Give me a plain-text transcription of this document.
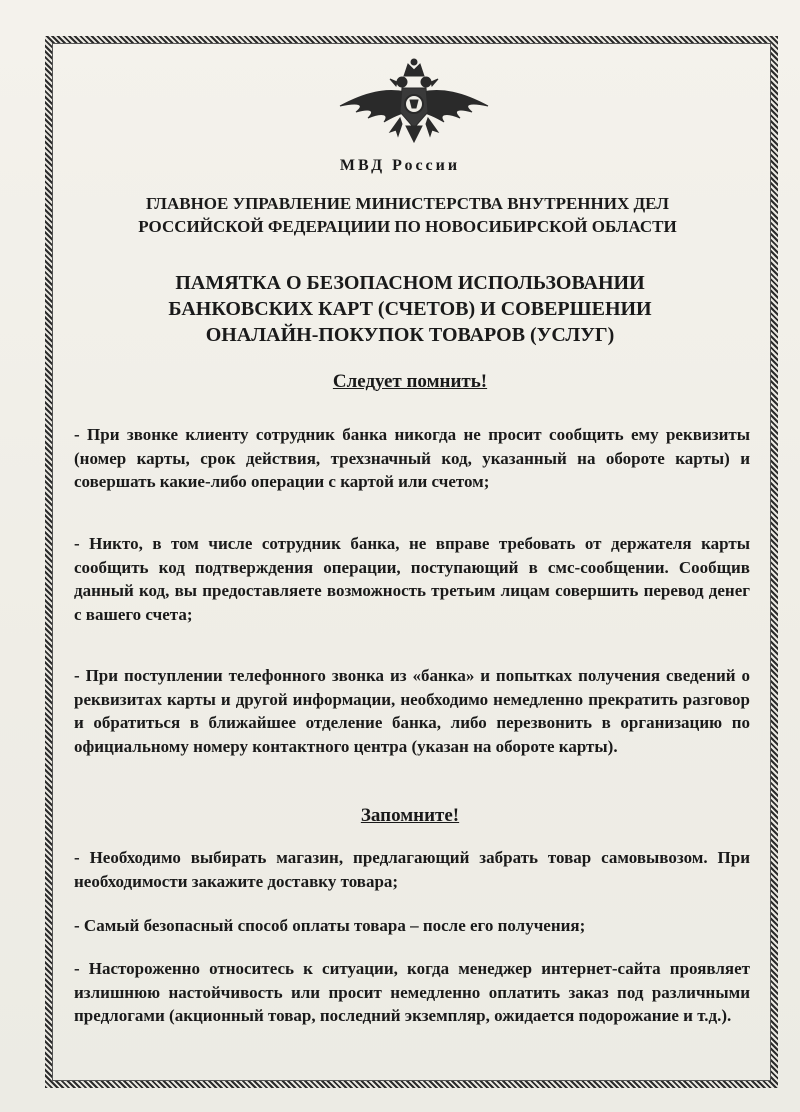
МВД России
ГЛАВНОЕ УПРАВЛЕНИЕ МИНИСТЕРСТВА ВНУТРЕННИХ ДЕЛ РОССИЙСКОЙ ФЕДЕРАЦИИИ ПО НОВОСИБИРСКОЙ ОБЛАСТИ
ПАМЯТКА О БЕЗОПАСНОМ ИСПОЛЬЗОВАНИИ БАНКОВСКИХ КАРТ (СЧЕТОВ) И СОВЕРШЕНИИ ОНАЛАЙН-ПОКУПОК ТОВАРОВ (УСЛУГ)
Следует помнить!

- При звонке клиенту сотрудник банка никогда не просит сообщить ему реквизиты (номер карты, срок действия, трехзначный код, указанный на обороте карты) и совершать какие-либо операции с картой или счетом;

- Никто, в том числе сотрудник банка, не вправе требовать от держателя карты сообщить код подтверждения операции, поступающий в смс-сообщении. Сообщив данный код, вы предоставляете возможность третьим лицам совершить перевод денег с вашего счета;

- При поступлении телефонного звонка из «банка» и попытках получения сведений о реквизитах карты и другой информации, необходимо немедленно прекратить разговор и обратиться в ближайшее отделение банка, либо перезвонить в организацию по официальному номеру контактного центра (указан на обороте карты).

Запомните!

- Необходимо выбирать магазин, предлагающий забрать товар самовывозом. При необходимости закажите доставку товара;

- Самый безопасный способ оплаты товара – после его получения;

- Настороженно относитесь к ситуации, когда менеджер интернет-сайта проявляет излишнюю настойчивость или просит немедленно оплатить заказ под различными предлогами (акционный товар, последний экземпляр, ожидается подорожание и т.д.).
